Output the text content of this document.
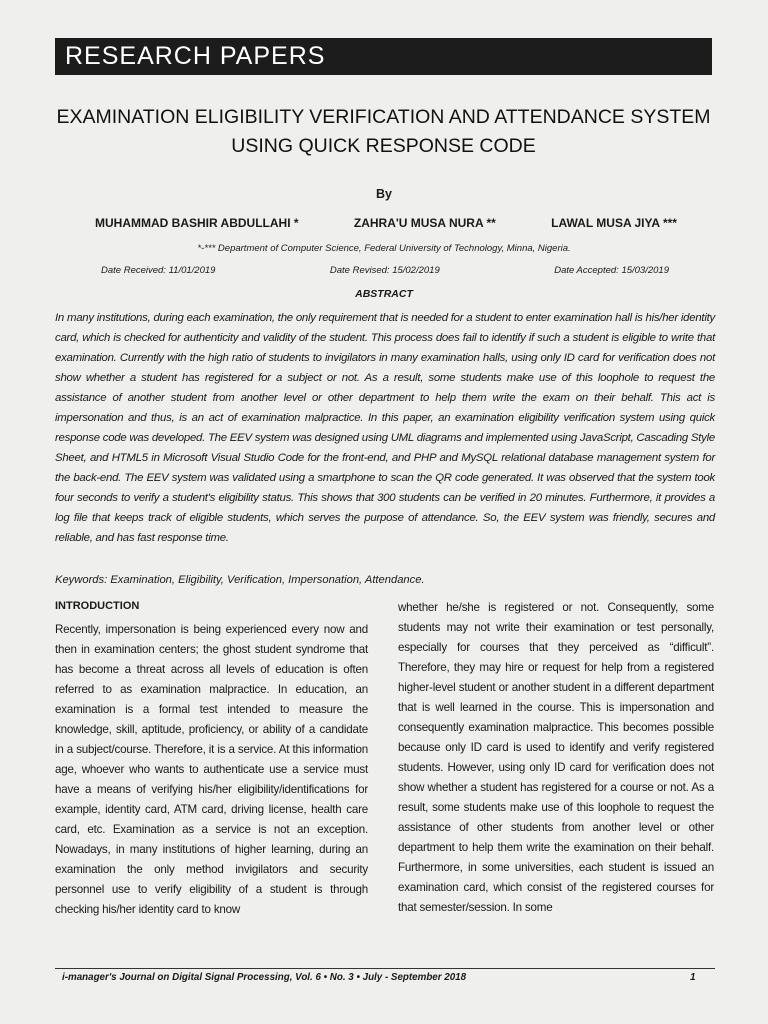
RESEARCH PAPERS
EXAMINATION ELIGIBILITY VERIFICATION AND ATTENDANCE SYSTEM USING QUICK RESPONSE CODE
By
MUHAMMAD BASHIR ABDULLAHI *	ZAHRA'U MUSA NURA **	LAWAL MUSA JIYA ***
*-*** Department of Computer Science, Federal University of Technology, Minna, Nigeria.
Date Received: 11/01/2019	Date Revised: 15/02/2019	Date Accepted: 15/03/2019
ABSTRACT

In many institutions, during each examination, the only requirement that is needed for a student to enter examination hall is his/her identity card, which is checked for authenticity and validity of the student. This process does fail to identify if such a student is eligible to write that examination. Currently with the high ratio of students to invigilators in many examination halls, using only ID card for verification does not show whether a student has registered for a subject or not. As a result, some students make use of this loophole to request the assistance of another student from another level or other department to help them write the exam on their behalf. This act is impersonation and thus, is an act of examination malpractice. In this paper, an examination eligibility verification system using quick response code was developed. The EEV system was designed using UML diagrams and implemented using JavaScript, Cascading Style Sheet, and HTML5 in Microsoft Visual Studio Code for the front-end, and PHP and MySQL relational database management system for the back-end. The EEV system was validated using a smartphone to scan the QR code generated. It was observed that the system took four seconds to verify a student's eligibility status. This shows that 300 students can be verified in 20 minutes. Furthermore, it provides a log file that keeps track of eligible students, which serves the purpose of attendance. So, the EEV system was friendly, secures and reliable, and has fast response time.

Keywords: Examination, Eligibility, Verification, Impersonation, Attendance.
INTRODUCTION

Recently, impersonation is being experienced every now and then in examination centers; the ghost student syndrome that has become a threat across all levels of education is often referred to as examination malpractice. In education, an examination is a formal test intended to measure the knowledge, skill, aptitude, proficiency, or ability of a candidate in a subject/course. Therefore, it is a service. At this information age, whoever who wants to authenticate use a service must have a means of verifying his/her eligibility/identifications for example, identity card, ATM card, driving license, health care card, etc. Examination as a service is not an exception. Nowadays, in many institutions of higher learning, during an examination the only method invigilators and security personnel use to verify eligibility of a student is through checking his/her identity card to know

whether he/she is registered or not. Consequently, some students may not write their examination or test personally, especially for courses that they perceived as “difficult”. Therefore, they may hire or request for help from a registered higher-level student or another student in a different department that is well learned in the course. This is impersonation and consequently examination malpractice. This becomes possible because only ID card is used to identify and verify registered students. However, using only ID card for verification does not show whether a student has registered for a course or not. As a result, some students make use of this loophole to request the assistance of other students from another level or other department to help them write the examination on their behalf. Furthermore, in some universities, each student is issued an examination card, which consist of the registered courses for that semester/session. In some

i-manager's Journal on Digital Signal Processing, Vol. 6 • No. 3 • July - September 2018	1
